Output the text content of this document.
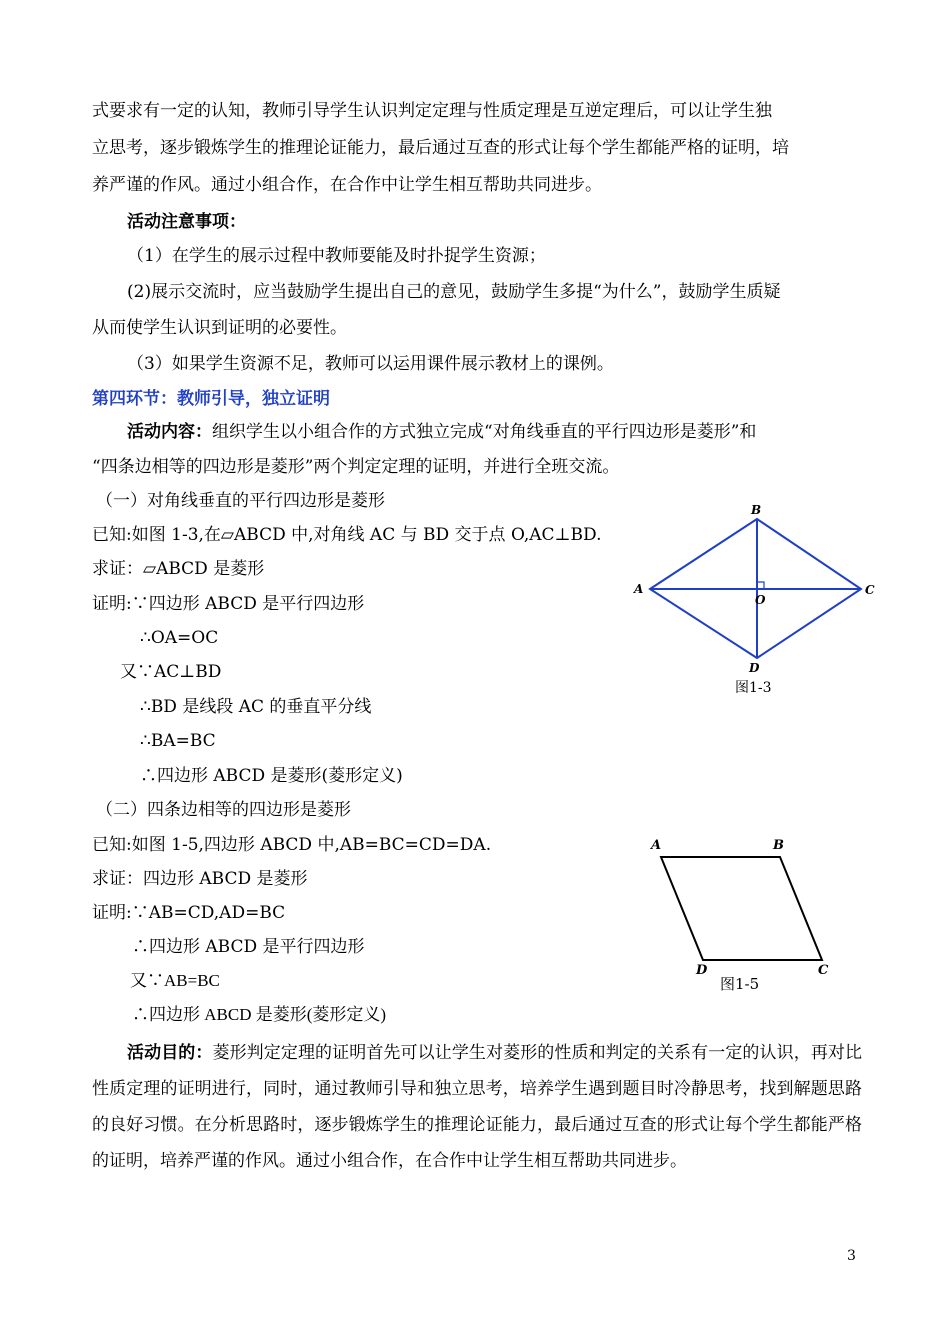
式要求有一定的认知，教师引导学生认识判定定理与性质定理是互逆定理后，可以让学生独
立思考，逐步锻炼学生的推理论证能力，最后通过互查的形式让每个学生都能严格的证明，培
养严谨的作风。通过小组合作，在合作中让学生相互帮助共同进步。
活动注意事项：
（1）在学生的展示过程中教师要能及时扑捉学生资源；
(2)展示交流时，应当鼓励学生提出自己的意见，鼓励学生多提“为什么”，鼓励学生质疑
从而使学生认识到证明的必要性。
（3）如果学生资源不足，教师可以运用课件展示教材上的课例。
第四环节：教师引导，独立证明
活动内容：组织学生以小组合作的方式独立完成“对角线垂直的平行四边形是菱形”和
“四条边相等的四边形是菱形”两个判定定理的证明，并进行全班交流。
（一）对角线垂直的平行四边形是菱形
已知:如图 1-3,在▱ABCD 中,对角线 AC 与 BD 交于点 O,AC⊥BD.
求证：▱ABCD 是菱形
证明:∵四边形 ABCD 是平行四边形
∴OA=OC
又∵AC⊥BD
∴BD 是线段 AC 的垂直平分线
∴BA=BC
∴四边形 ABCD 是菱形(菱形定义)
B
A	C
O
D
图1-3
（二）四条边相等的四边形是菱形
已知:如图 1-5,四边形 ABCD 中,AB=BC=CD=DA.
求证：四边形 ABCD 是菱形
证明:∵AB=CD,AD=BC
∴四边形 ABCD 是平行四边形
又∵AB=BC
∴四边形 ABCD 是菱形(菱形定义)
A	B
D	C
图1-5
活动目的：菱形判定定理的证明首先可以让学生对菱形的性质和判定的关系有一定的认识，再对比性质定理的证明进行，同时，通过教师引导和独立思考，培养学生遇到题目时冷静思考，找到解题思路的良好习惯。在分析思路时，逐步锻炼学生的推理论证能力，最后通过互查的形式让每个学生都能严格的证明，培养严谨的作风。通过小组合作，在合作中让学生相互帮助共同进步。
3
